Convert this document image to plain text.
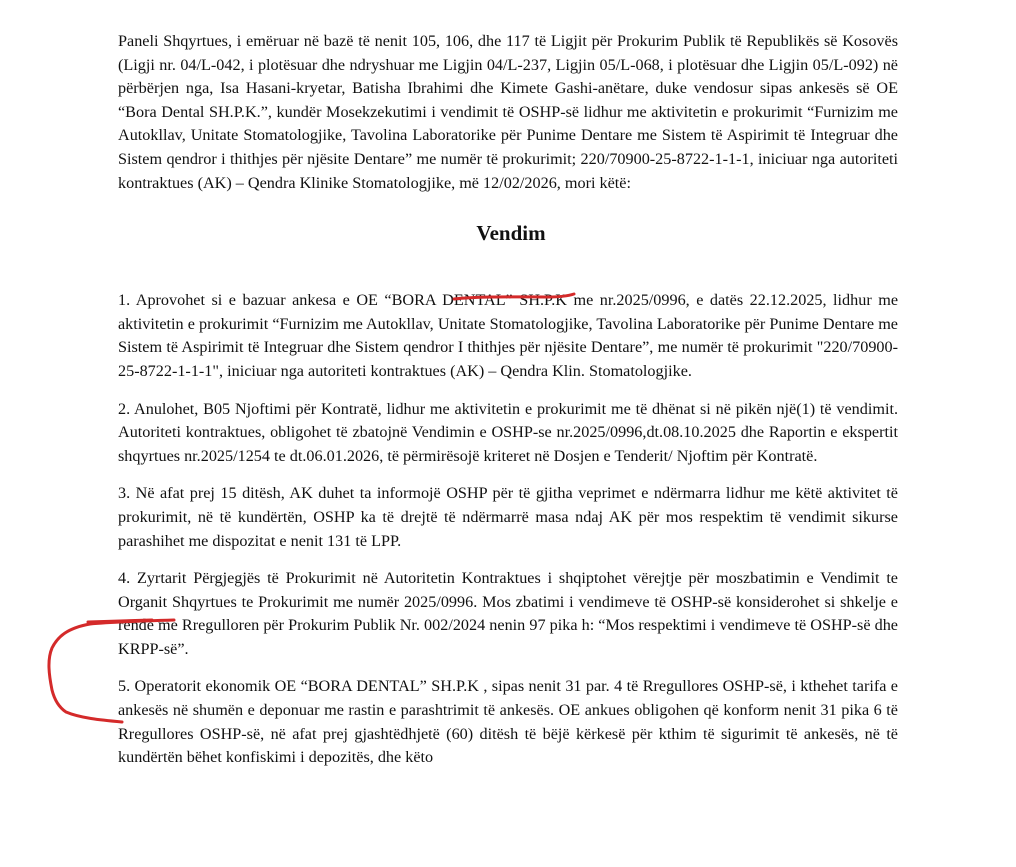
Paneli Shqyrtues, i emëruar në bazë të nenit 105, 106, dhe 117 të Ligjit për Prokurim Publik të Republikës së Kosovës (Ligji nr. 04/L-042, i plotësuar dhe ndryshuar me Ligjin 04/L-237, Ligjin 05/L-068, i plotësuar dhe Ligjin 05/L-092) në përbërjen nga, Isa Hasani-kryetar, Batisha Ibrahimi dhe Kimete Gashi-anëtare, duke vendosur sipas ankesës së OE “Bora Dental SH.P.K.”, kundër Mosekzekutimi i vendimit të OSHP-së lidhur me aktivitetin e prokurimit “Furnizim me Autokllav, Unitate Stomatologjike, Tavolina Laboratorike për Punime Dentare me Sistem të Aspirimit të Integruar dhe Sistem qendror i thithjes për njësite Dentare” me numër të prokurimit; 220/70900-25-8722-1-1-1, iniciuar nga autoriteti kontraktues (AK) – Qendra Klinike Stomatologjike, më 12/02/2026, mori këtë:

Vendim

1. Aprovohet si e bazuar ankesa e OE “BORA DENTAL” SH.P.K me nr.2025/0996, e datës 22.12.2025, lidhur me aktivitetin e prokurimit “Furnizim me Autokllav, Unitate Stomatologjike, Tavolina Laboratorike për Punime Dentare me Sistem të Aspirimit të Integruar dhe Sistem qendror I thithjes për njësite Dentare”, me numër të prokurimit "220/70900-25-8722-1-1-1", iniciuar nga autoriteti kontraktues (AK) – Qendra Klin. Stomatologjike.

2. Anulohet, B05 Njoftimi për Kontratë, lidhur me aktivitetin e prokurimit me të dhënat si në pikën një(1) të vendimit. Autoriteti kontraktues, obligohet të zbatojnë Vendimin e OSHP-se nr.2025/0996,dt.08.10.2025 dhe Raportin e ekspertit shqyrtues nr.2025/1254 te dt.06.01.2026, të përmirësojë kriteret në Dosjen e Tenderit/ Njoftim për Kontratë.

3. Në afat prej 15 ditësh, AK duhet ta informojë OSHP për të gjitha veprimet e ndërmarra lidhur me këtë aktivitet të prokurimit, në të kundërtën, OSHP ka të drejtë të ndërmarrë masa ndaj AK për mos respektim të vendimit sikurse parashihet me dispozitat e nenit 131 të LPP.

4. Zyrtarit Përgjegjës të Prokurimit në Autoritetin Kontraktues i shqiptohet vërejtje për moszbatimin e Vendimit te Organit Shqyrtues te Prokurimit me numër 2025/0996. Mos zbatimi i vendimeve të OSHP-së konsiderohet si shkelje e rëndë me Rregulloren për Prokurim Publik Nr. 002/2024 nenin 97 pika h: “Mos respektimi i vendimeve të OSHP-së dhe KRPP-së”.

5. Operatorit ekonomik OE “BORA DENTAL” SH.P.K , sipas nenit 31 par. 4 të Rregullores OSHP-së, i kthehet tarifa e ankesës në shumën e deponuar me rastin e parashtrimit të ankesës. OE ankues obligohen që konform nenit 31 pika 6 të Rregullores OSHP-së, në afat prej gjashtëdhjetë (60) ditësh të bëjë kërkesë për kthim të sigurimit të ankesës, në të kundërtën bëhet konfiskimi i depozitës, dhe këto
